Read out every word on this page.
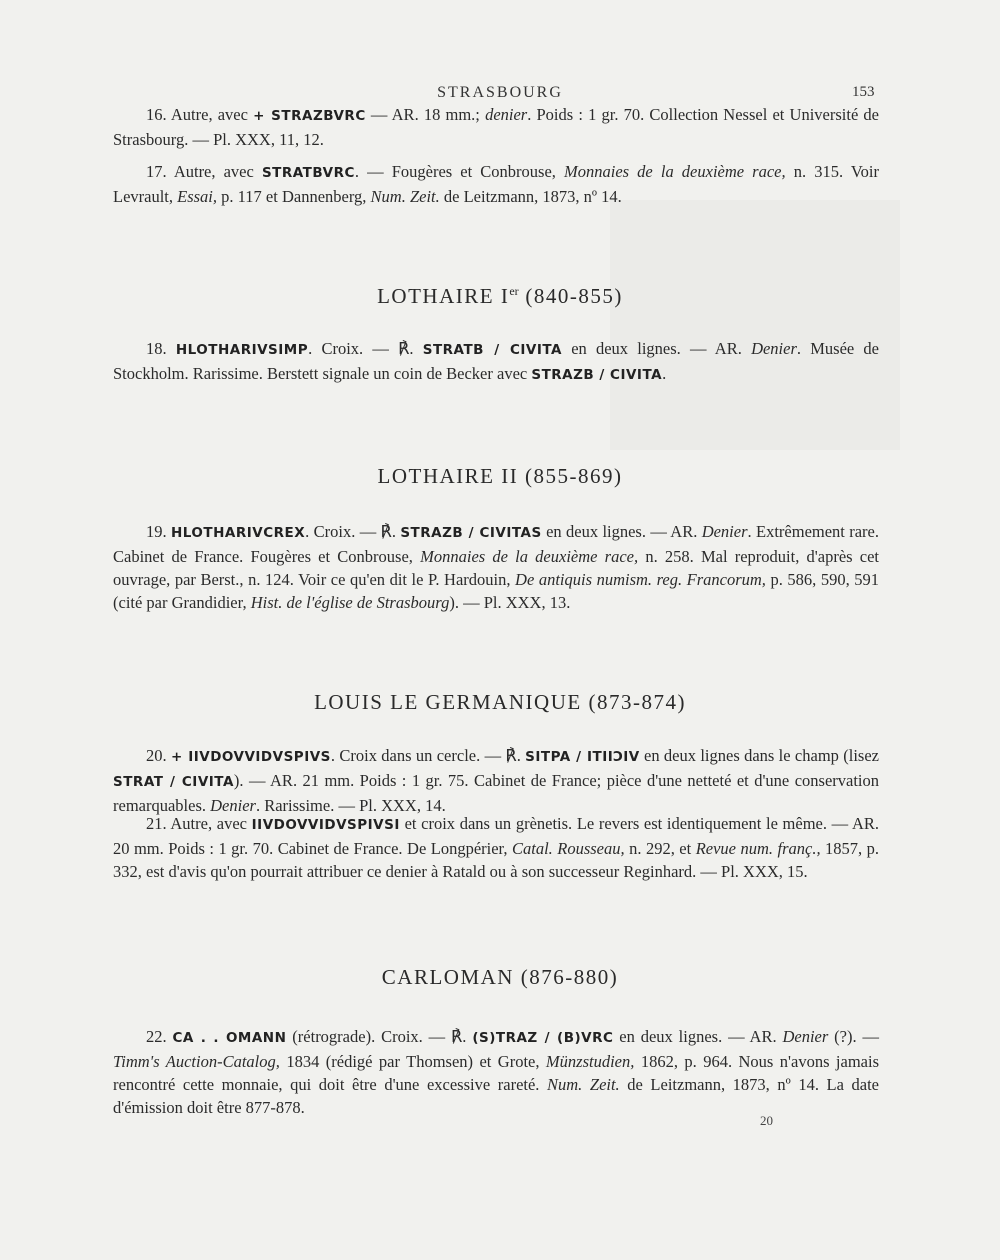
STRASBOURG	153

16. Autre, avec + STRAZBVRC — AR. 18 mm.; denier. Poids : 1 gr. 70. Collection Nessel et Université de Strasbourg. — Pl. XXX, 11, 12.

17. Autre, avec STRATBVRC. — Fougères et Conbrouse, Monnaies de la deuxième race, n. 315. Voir Levrault, Essai, p. 117 et Dannenberg, Num. Zeit. de Leitzmann, 1873, nº 14.

LOTHAIRE Ier (840-855)

18. HLOTHARIVSIMP. Croix. — ℟. STRATB / CIVITA en deux lignes. — AR. Denier. Musée de Stockholm. Rarissime. Berstett signale un coin de Becker avec STRAZB / CIVITA.

LOTHAIRE II (855-869)

19. HLOTHARIVCREX. Croix. — ℟. STRAZB / CIVITAS en deux lignes. — AR. Denier. Extrêmement rare. Cabinet de France. Fougères et Conbrouse, Monnaies de la deuxième race, n. 258. Mal reproduit, d'après cet ouvrage, par Berst., n. 124. Voir ce qu'en dit le P. Hardouin, De antiquis numism. reg. Francorum, p. 586, 590, 591 (cité par Grandidier, Hist. de l'église de Strasbourg). — Pl. XXX, 13.

LOUIS LE GERMANIQUE (873-874)

20. + IIVDOVVIDVSPIVS. Croix dans un cercle. — ℟. SITPA / ΙΤΙΙϽΙV en deux lignes dans le champ (lisez STRAT / CIVITA). — AR. 21 mm. Poids : 1 gr. 75. Cabinet de France; pièce d'une netteté et d'une conservation remarquables. Denier. Rarissime. — Pl. XXX, 14.

21. Autre, avec IIVDOVVIDVSPIVSI et croix dans un grènetis. Le revers est identiquement le même. — AR. 20 mm. Poids : 1 gr. 70. Cabinet de France. De Longpérier, Catal. Rousseau, n. 292, et Revue num. franç., 1857, p. 332, est d'avis qu'on pourrait attribuer ce denier à Ratald ou à son successeur Reginhard. — Pl. XXX, 15.

CARLOMAN (876-880)

22. CA . . OMANN (rétrograde). Croix. — ℟. (S)TRAZ / (B)VRC en deux lignes. — AR. Denier (?). — Timm's Auction-Catalog, 1834 (rédigé par Thomsen) et Grote, Münzstudien, 1862, p. 964. Nous n'avons jamais rencontré cette monnaie, qui doit être d'une excessive rareté. Num. Zeit. de Leitzmann, 1873, nº 14. La date d'émission doit être 877-878.

20
